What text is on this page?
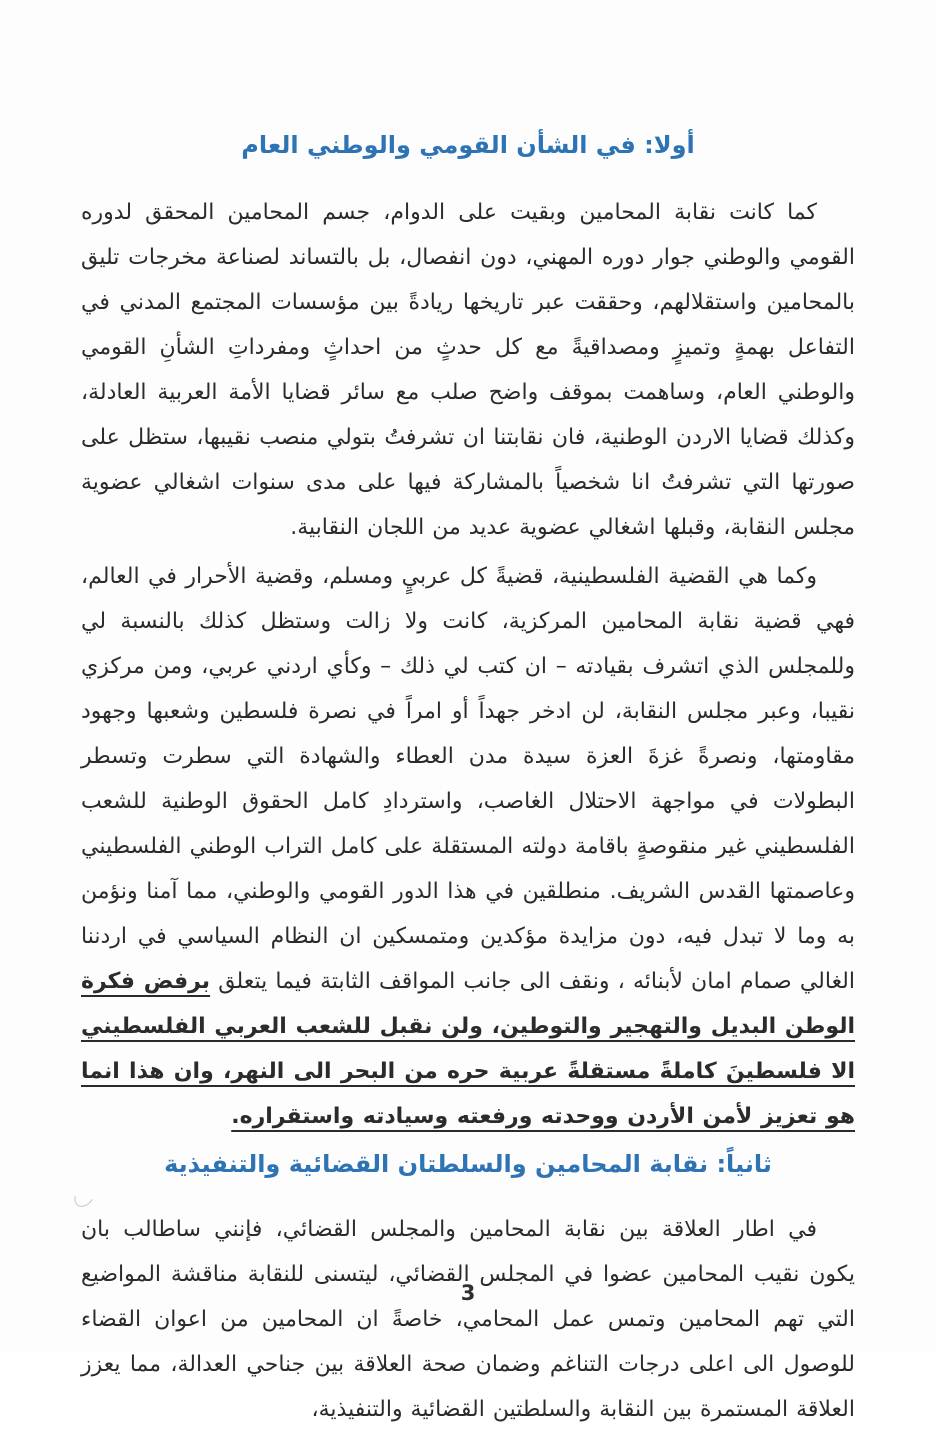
أولا: في الشأن القومي والوطني العام

كما كانت نقابة المحامين وبقيت على الدوام، جسم المحامين المحقق لدوره القومي والوطني جوار دوره المهني، دون انفصال، بل بالتساند لصناعة مخرجات تليق بالمحامين واستقلالهم، وحققت عبر تاريخها ريادةً بين مؤسسات المجتمع المدني في التفاعل بهمةٍ وتميزٍ ومصداقيةً مع كل حدثٍ من احداثٍ ومفرداتِ الشأنِ القومي والوطني العام، وساهمت بموقف واضح صلب مع سائر قضايا الأمة العربية العادلة، وكذلك قضايا الاردن الوطنية، فان نقابتنا ان تشرفتُ بتولي منصب نقيبها، ستظل على صورتها التي تشرفتُ انا شخصياً بالمشاركة فيها على مدى سنوات اشغالي عضوية مجلس النقابة، وقبلها اشغالي عضوية عديد من اللجان النقابية.

وكما هي القضية الفلسطينية، قضيةً كل عربيٍ ومسلم، وقضية الأحرار في العالم، فهي قضية نقابة المحامين المركزية، كانت ولا زالت وستظل كذلك بالنسبة لي وللمجلس الذي اتشرف بقيادته – ان كتب لي ذلك – وكأي اردني عربي، ومن مركزي نقيبا، وعبر مجلس النقابة، لن ادخر جهداً أو امراً في نصرة فلسطين وشعبها وجهود مقاومتها، ونصرةً غزةَ العزة سيدة مدن العطاء والشهادة التي سطرت وتسطر البطولات في مواجهة الاحتلال الغاصب، واستردادِ كامل الحقوق الوطنية للشعب الفلسطيني غير منقوصةٍ باقامة دولته المستقلة على كامل التراب الوطني الفلسطيني وعاصمتها القدس الشريف. منطلقين في هذا الدور القومي والوطني، مما آمنا ونؤمن به وما لا تبدل فيه، دون مزايدة مؤكدين ومتمسكين ان النظام السياسي في اردننا الغالي صمام امان لأبنائه ، ونقف الى جانب المواقف الثابتة فيما يتعلق برفض فكرة الوطن البديل والتهجير والتوطين، ولن نقبل للشعب العربي الفلسطيني الا فلسطينَ كاملةً مستقلةً عربية حره من البحر الى النهر، وان هذا انما هو تعزيز لأمن الأردن ووحدته ورفعته وسيادته واستقراره.

ثانياً: نقابة المحامين والسلطتان القضائية والتنفيذية

في اطار العلاقة بين نقابة المحامين والمجلس القضائي، فإنني ساطالب بان يكون نقيب المحامين عضوا في المجلس القضائي، ليتسنى للنقابة مناقشة المواضيع التي تهم المحامين وتمس عمل المحامي، خاصةً ان المحامين من اعوان القضاء للوصول الى اعلى درجات التناغم وضمان صحة العلاقة بين جناحي العدالة، مما يعزز العلاقة المستمرة بين النقابة والسلطتين القضائية والتنفيذية،

3
